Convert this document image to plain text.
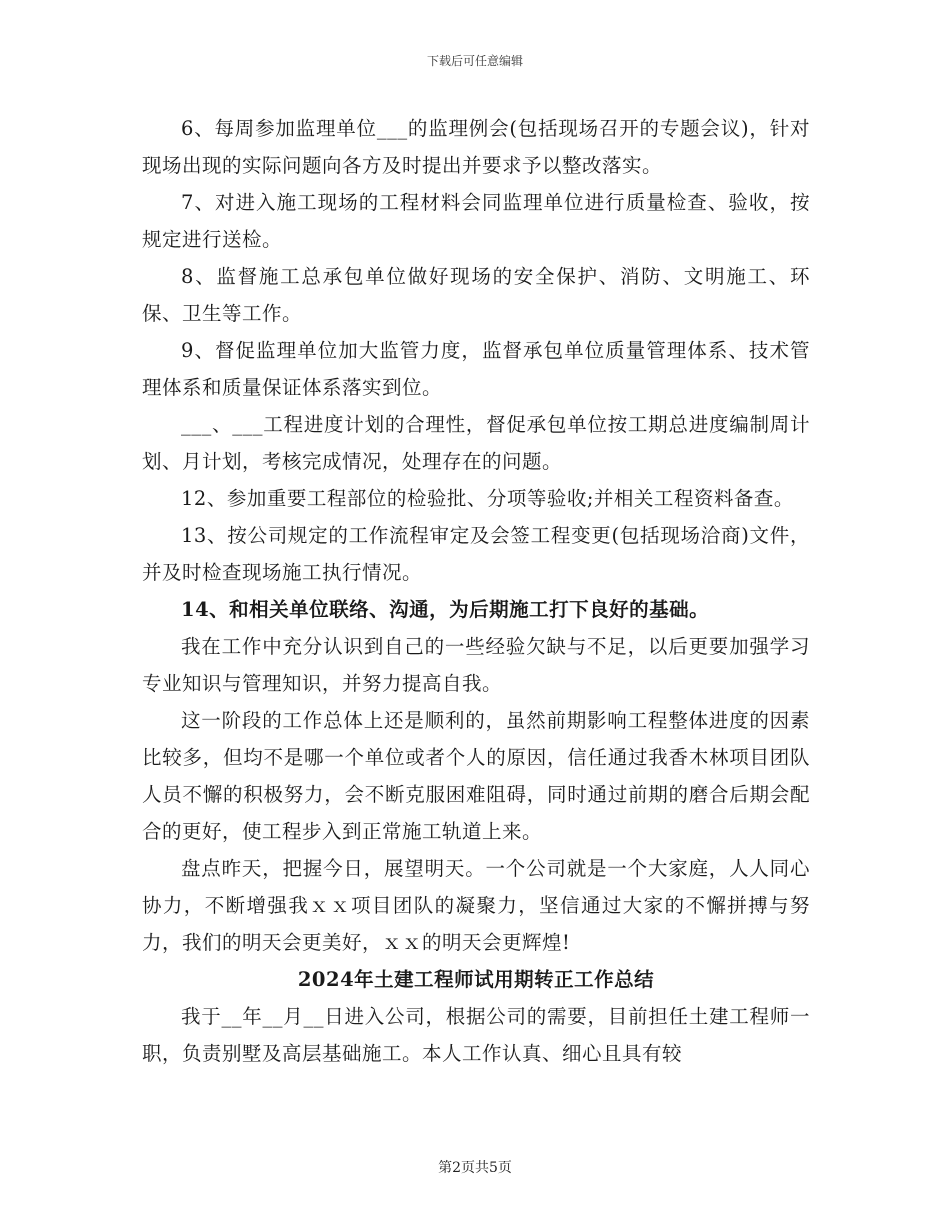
下载后可任意编辑

6、每周参加监理单位___的监理例会(包括现场召开的专题会议)，针对现场出现的实际问题向各方及时提出并要求予以整改落实。

7、对进入施工现场的工程材料会同监理单位进行质量检查、验收，按规定进行送检。

8、监督施工总承包单位做好现场的安全保护、消防、文明施工、环保、卫生等工作。

9、督促监理单位加大监管力度，监督承包单位质量管理体系、技术管理体系和质量保证体系落实到位。

___、___工程进度计划的合理性，督促承包单位按工期总进度编制周计划、月计划，考核完成情况，处理存在的问题。

12、参加重要工程部位的检验批、分项等验收;并相关工程资料备查。

13、按公司规定的工作流程审定及会签工程变更(包括现场洽商)文件，并及时检查现场施工执行情况。

14、和相关单位联络、沟通，为后期施工打下良好的基础。

我在工作中充分认识到自己的一些经验欠缺与不足，以后更要加强学习专业知识与管理知识，并努力提高自我。

这一阶段的工作总体上还是顺利的，虽然前期影响工程整体进度的因素比较多，但均不是哪一个单位或者个人的原因，信任通过我香木林项目团队人员不懈的积极努力，会不断克服困难阻碍，同时通过前期的磨合后期会配合的更好，使工程步入到正常施工轨道上来。

盘点昨天，把握今日，展望明天。一个公司就是一个大家庭，人人同心协力，不断增强我ｘｘ项目团队的凝聚力，坚信通过大家的不懈拼搏与努力，我们的明天会更美好，ｘｘ的明天会更辉煌!

2024年土建工程师试用期转正工作总结

我于__年__月__日进入公司，根据公司的需要，目前担任土建工程师一职，负责别墅及高层基础施工。本人工作认真、细心且具有较

第2页共5页
